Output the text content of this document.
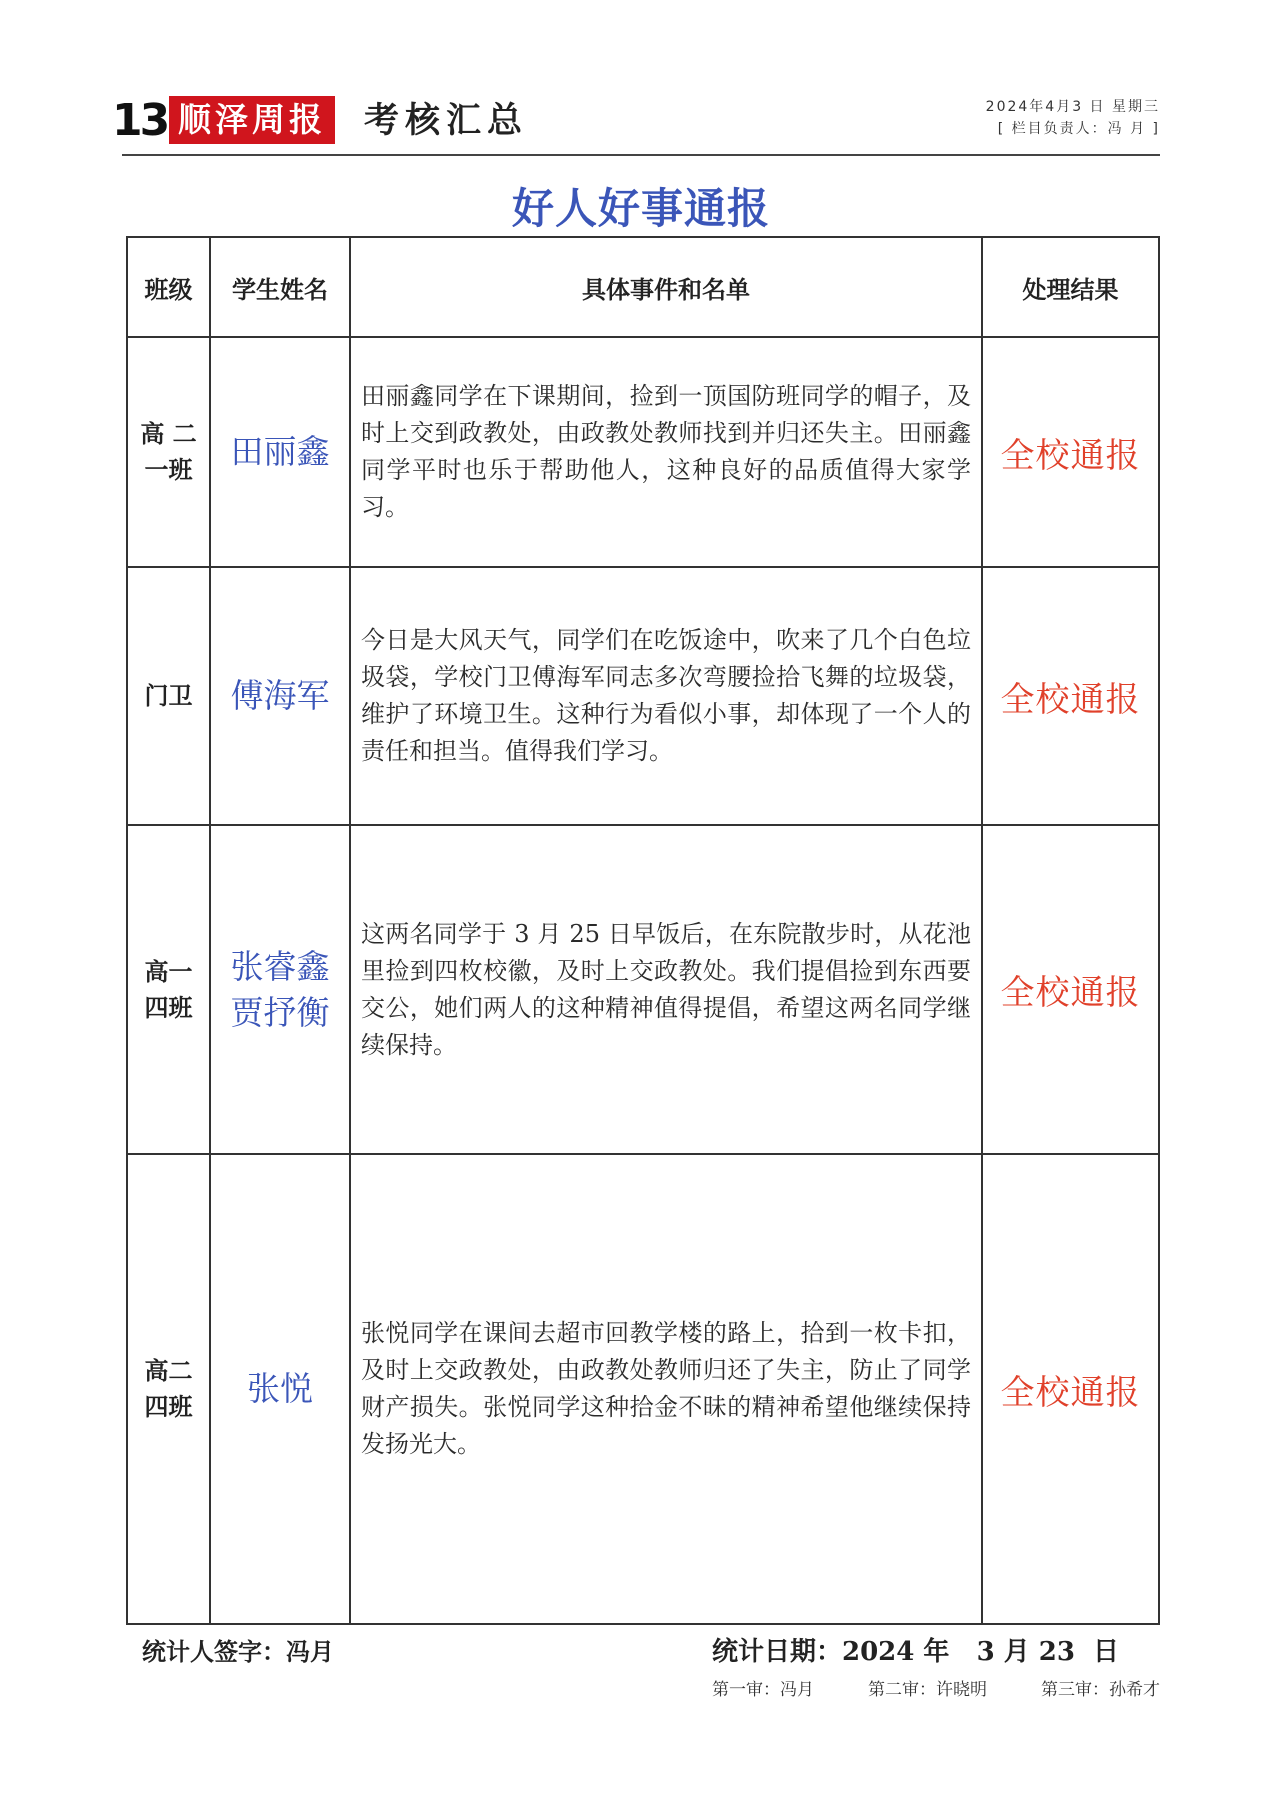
13 顺泽周报 考核汇总	2024年4月3 日 星期三
[ 栏目负责人：冯 月 ]
好人好事通报
班级	学生姓名	具体事件和名单	处理结果

高 二
一班	田丽鑫	田丽鑫同学在下课期间，捡到一顶国防班同学的帽子，及时上交到政教处，由政教处教师找到并归还失主。田丽鑫同学平时也乐于帮助他人，这种良好的品质值得大家学习。	全校通报

门卫	傅海军	今日是大风天气，同学们在吃饭途中，吹来了几个白色垃圾袋，学校门卫傅海军同志多次弯腰捡拾飞舞的垃圾袋，维护了环境卫生。这种行为看似小事，却体现了一个人的责任和担当。值得我们学习。	全校通报

高一
四班	张睿鑫
贾抒衡	这两名同学于 3 月 25 日早饭后，在东院散步时，从花池里捡到四枚校徽，及时上交政教处。我们提倡捡到东西要交公，她们两人的这种精神值得提倡，希望这两名同学继续保持。	全校通报

高二
四班	张悦	张悦同学在课间去超市回教学楼的路上，拾到一枚卡扣，及时上交政教处，由政教处教师归还了失主，防止了同学财产损失。张悦同学这种拾金不昧的精神希望他继续保持发扬光大。	全校通报
统计人签字：冯月	统计日期：2024 年   3 月 23  日
第一审：冯月	第二审：许晓明	第三审：孙希才
